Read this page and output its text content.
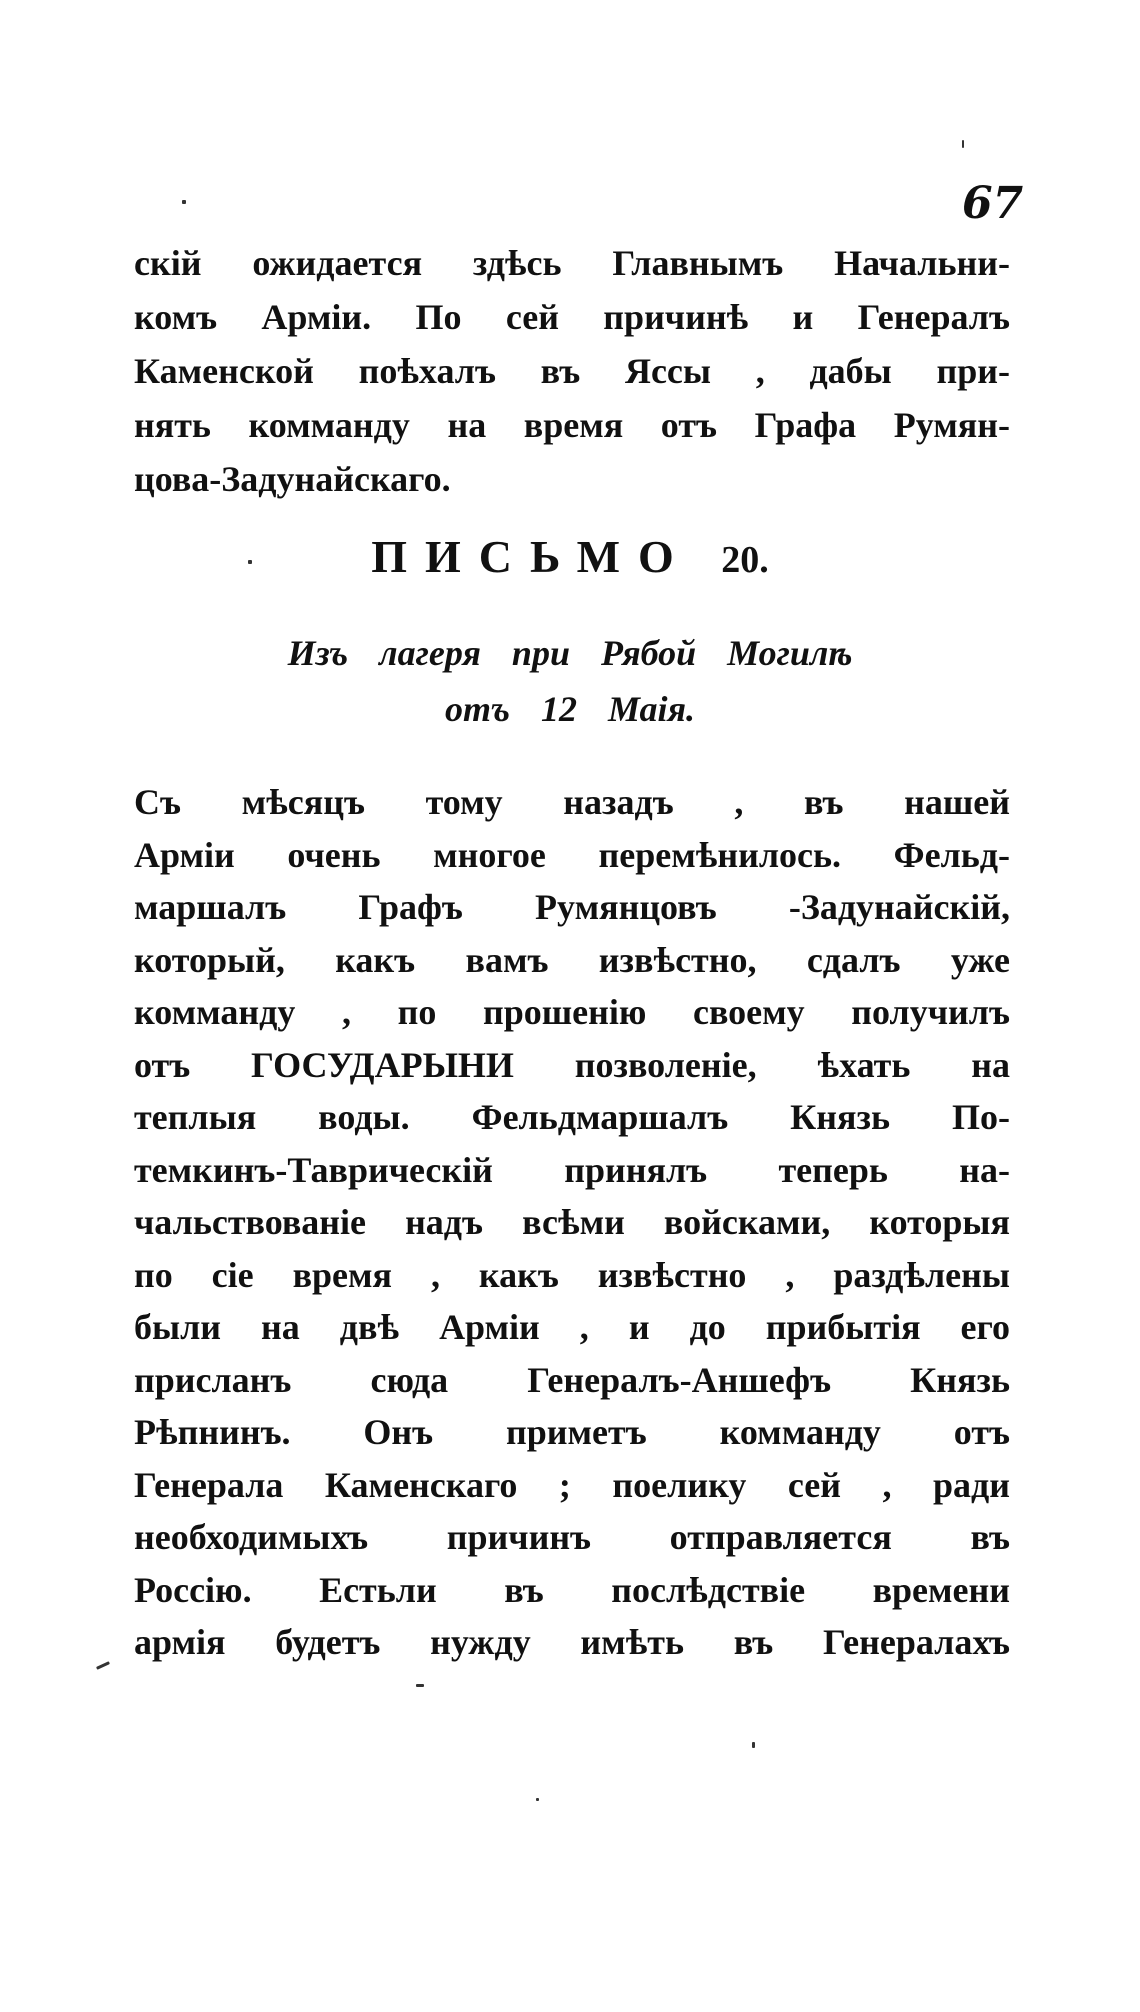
67
скій ожидается здѣсь Главнымъ Начальни-
комъ Арміи. По сей причинѣ и Генералъ
Каменской поѣхалъ въ Яссы , дабы при-
нять комманду на время отъ Графа Румян-
цова-Задунайскаго.
ПИСЬМО 20.
Изъ лагеря при Рябой Могилѣ
отъ 12 Маія.
Съ мѣсяцъ тому назадъ , въ нашей
Арміи очень многое перемѣнилось. Фельд-
маршалъ Графъ Румянцовъ -Задунайскій,
который, какъ вамъ извѣстно, сдалъ уже
комманду , по прошенію своему получилъ
отъ ГОСУДАРЫНИ позволеніе, ѣхать на
теплыя воды. Фельдмаршалъ Князь По-
темкинъ-Таврическій принялъ теперь на-
чальствованіе надъ всѣми войсками, которыя
по сіе время , какъ извѣстно , раздѣлены
были на двѣ Арміи , и до прибытія его
присланъ сюда Генералъ-Аншефъ Князь
Рѣпнинъ. Онъ приметъ комманду отъ
Генерала Каменскаго ; поелику сей , ради
необходимыхъ причинъ отправляется въ
Россію. Естьли въ послѣдствіе времени
армія будетъ нужду имѣть въ Генералахъ
